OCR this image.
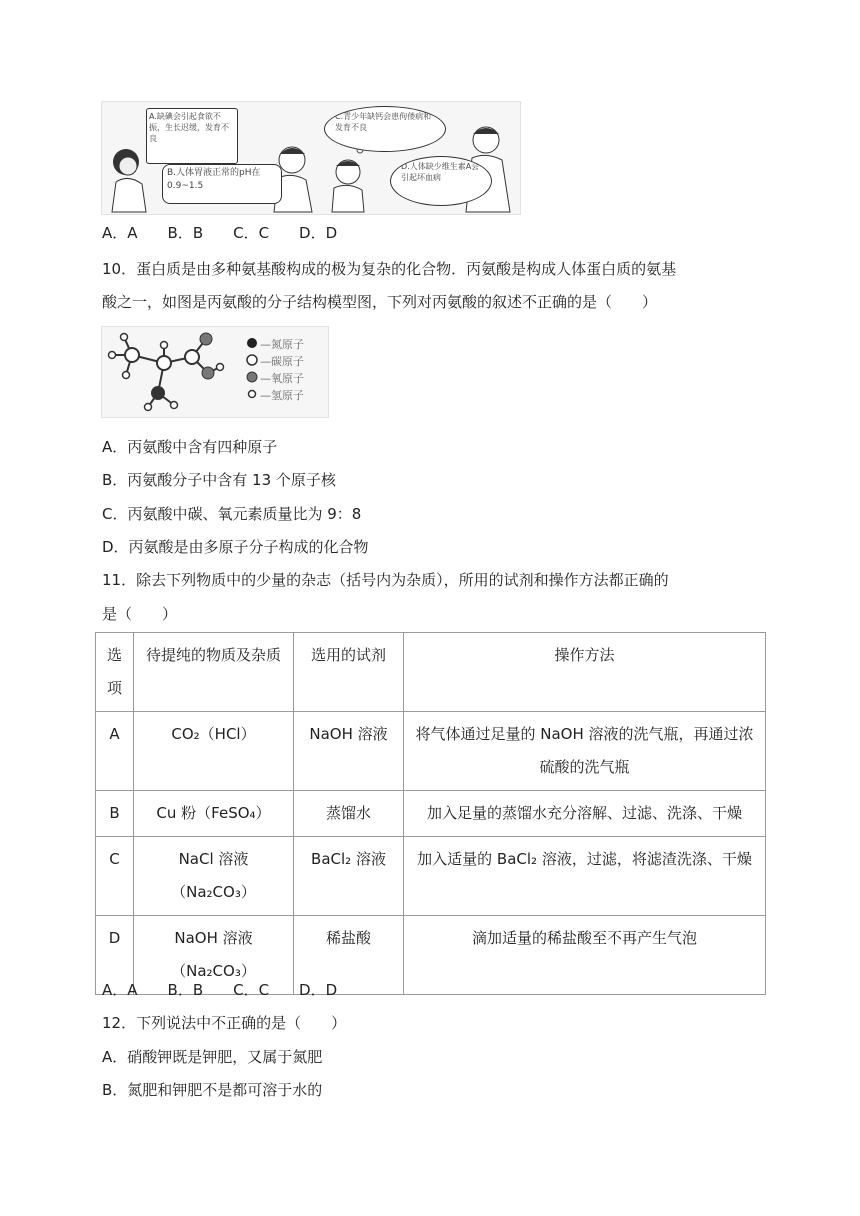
A.缺碘会引起食欲不振，生长迟缓，发育不良
B.人体胃液正常的pH在0.9~1.5
C.青少年缺钙会患佝偻病和发育不良
D.人体缺少维生素A会引起坏血病
A．A　　B．B　　C．C　　D．D
10．蛋白质是由多种氨基酸构成的极为复杂的化合物．丙氨酸是构成人体蛋白质的氨基
酸之一，如图是丙氨酸的分子结构模型图，下列对丙氨酸的叙述不正确的是（　　）
—氮原子
—碳原子
—氧原子
—氢原子
A．丙氨酸中含有四种原子
B．丙氨酸分子中含有 13 个原子核
C．丙氨酸中碳、氧元素质量比为 9：8
D．丙氨酸是由多原子分子构成的化合物
11．除去下列物质中的少量的杂志（括号内为杂质），所用的试剂和操作方法都正确的
是（　　）
选项	待提纯的物质及杂质	选用的试剂	操作方法
A	CO₂（HCl）	NaOH 溶液	将气体通过足量的 NaOH 溶液的洗气瓶，再通过浓硫酸的洗气瓶
B	Cu 粉（FeSO₄）	蒸馏水	加入足量的蒸馏水充分溶解、过滤、洗涤、干燥
C	NaCl 溶液（Na₂CO₃）	BaCl₂ 溶液	加入适量的 BaCl₂ 溶液，过滤，将滤渣洗涤、干燥
D	NaOH 溶液（Na₂CO₃）	稀盐酸	滴加适量的稀盐酸至不再产生气泡
A．A　　B．B　　C．C　　D．D
12．下列说法中不正确的是（　　）
A．硝酸钾既是钾肥，又属于氮肥
B．氮肥和钾肥不是都可溶于水的
